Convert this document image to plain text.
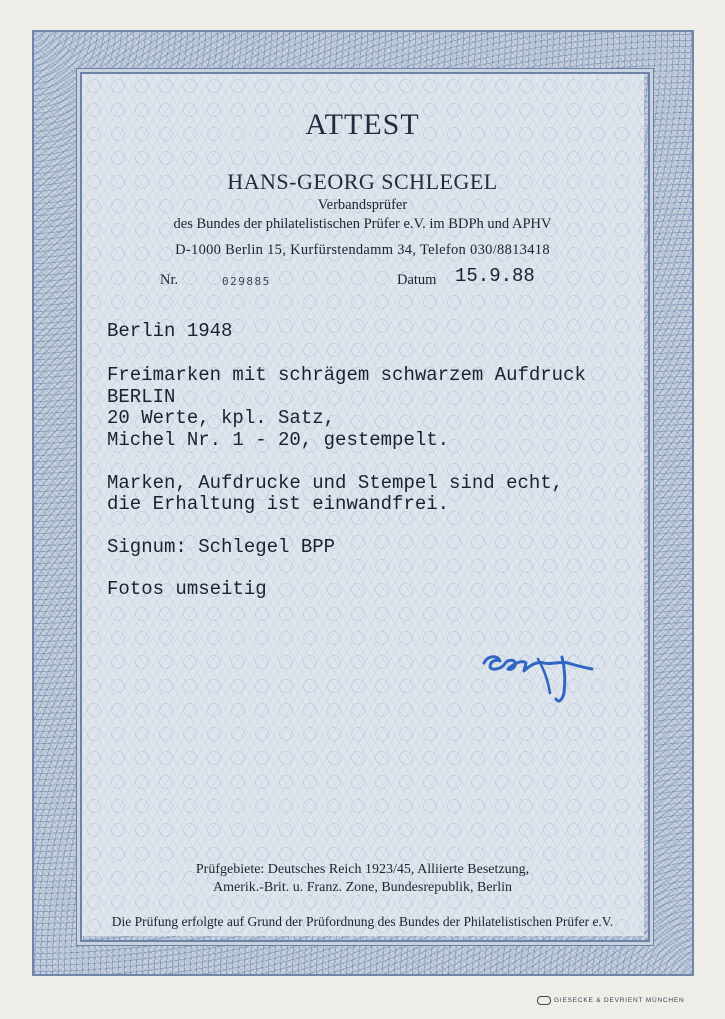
ATTEST
HANS-GEORG SCHLEGEL
Verbandsprüfer
des Bundes der philatelistischen Prüfer e.V. im BDPh und APHV
D-1000 Berlin 15, Kurfürstendamm 34, Telefon 030/8813418
Nr.	029885	Datum 15.9.88
Berlin 1948
Freimarken mit schrägem schwarzem Aufdruck
BERLIN
20 Werte, kpl. Satz,
Michel Nr. 1 - 20, gestempelt.
Marken, Aufdrucke und Stempel sind echt,
die Erhaltung ist einwandfrei.
Signum: Schlegel BPP
Fotos umseitig
Prüfgebiete: Deutsches Reich 1923/45, Alliierte Besetzung,
Amerik.-Brit. u. Franz. Zone, Bundesrepublik, Berlin
Die Prüfung erfolgte auf Grund der Prüfordnung des Bundes der Philatelistischen Prüfer e.V.
GIESECKE & DEVRIENT MÜNCHEN
